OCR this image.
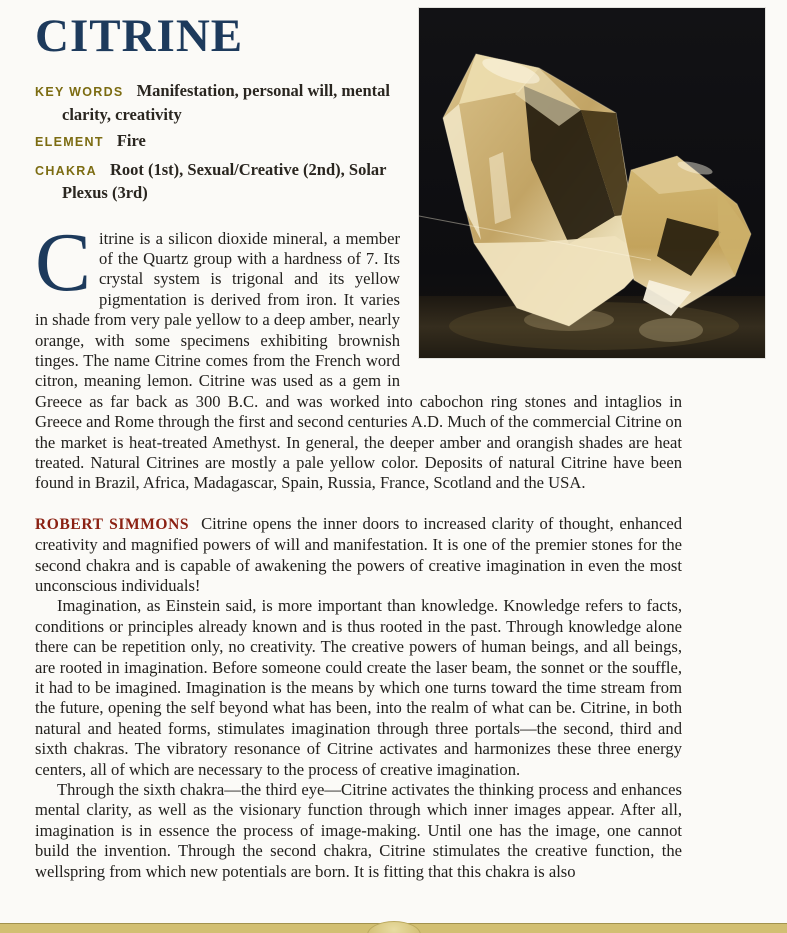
CITRINE
KEY WORDS Manifestation, personal will, mental clarity, creativity
ELEMENT Fire
CHAKRA Root (1st), Sexual/Creative (2nd), Solar Plexus (3rd)

Citrine is a silicon dioxide mineral, a member of the Quartz group with a hardness of 7. Its crystal system is trigonal and its yellow pigmentation is derived from iron. It varies in shade from very pale yellow to a deep amber, nearly orange, with some specimens exhibiting brownish tinges. The name Citrine comes from the French word citron, meaning lemon. Citrine was used as a gem in Greece as far back as 300 B.C. and was worked into cabochon ring stones and intaglios in Greece and Rome through the first and second centuries A.D. Much of the commercial Citrine on the market is heat-treated Amethyst. In general, the deeper amber and orangish shades are heat treated. Natural Citrines are mostly a pale yellow color. Deposits of natural Citrine have been found in Brazil, Africa, Madagascar, Spain, Russia, France, Scotland and the USA.

ROBERT SIMMONS Citrine opens the inner doors to increased clarity of thought, enhanced creativity and magnified powers of will and manifestation. It is one of the premier stones for the second chakra and is capable of awakening the powers of creative imagination in even the most unconscious individuals!

Imagination, as Einstein said, is more important than knowledge. Knowledge refers to facts, conditions or principles already known and is thus rooted in the past. Through knowledge alone there can be repetition only, no creativity. The creative powers of human beings, and all beings, are rooted in imagination. Before someone could create the laser beam, the sonnet or the souffle, it had to be imagined. Imagination is the means by which one turns toward the time stream from the future, opening the self beyond what has been, into the realm of what can be. Citrine, in both natural and heated forms, stimulates imagination through three portals—the second, third and sixth chakras. The vibratory resonance of Citrine activates and harmonizes these three energy centers, all of which are necessary to the process of creative imagination.

Through the sixth chakra—the third eye—Citrine activates the thinking process and enhances mental clarity, as well as the visionary function through which inner images appear. After all, imagination is in essence the process of image-making. Until one has the image, one cannot build the invention. Through the second chakra, Citrine stimulates the creative function, the wellspring from which new potentials are born. It is fitting that this chakra is also
